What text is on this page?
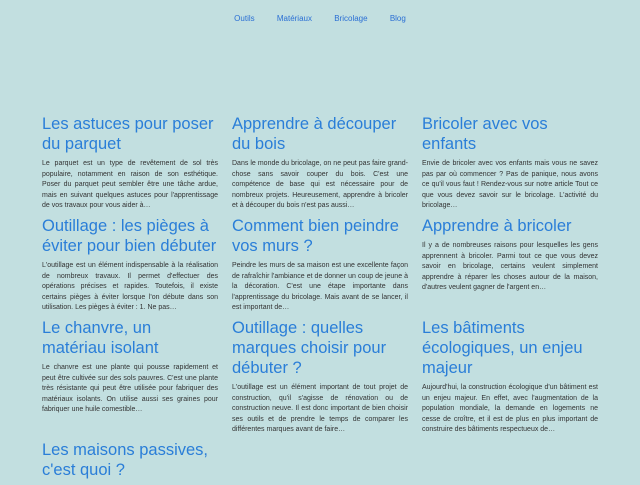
Outils	Matériaux	Bricolage	Blog
Les astuces pour poser du parquet

Le parquet est un type de revêtement de sol très populaire, notamment en raison de son esthétique. Poser du parquet peut sembler être une tâche ardue, mais en suivant quelques astuces pour l'apprentissage de vos travaux pour vous aider à…

Apprendre à découper du bois

Dans le monde du bricolage, on ne peut pas faire grand-chose sans savoir couper du bois. C'est une compétence de base qui est nécessaire pour de nombreux projets. Heureusement, apprendre à bricoler et à découper du bois n'est pas aussi…

Bricoler avec vos enfants

Envie de bricoler avec vos enfants mais vous ne savez pas par où commencer ? Pas de panique, nous avons ce qu'il vous faut ! Rendez-vous sur notre article Tout ce que vous devez savoir sur le bricolage. L'activité du bricolage…

Outillage : les pièges à éviter pour bien débuter

L'outillage est un élément indispensable à la réalisation de nombreux travaux. Il permet d'effectuer des opérations précises et rapides. Toutefois, il existe certains pièges à éviter lorsque l'on débute dans son utilisation. Les pièges à éviter : 1. Ne pas…

Comment bien peindre vos murs ?

Peindre les murs de sa maison est une excellente façon de rafraîchir l'ambiance et de donner un coup de jeune à la décoration. C'est une étape importante dans l'apprentissage du bricolage. Mais avant de se lancer, il est important de…

Apprendre à bricoler

Il y a de nombreuses raisons pour lesquelles les gens apprennent à bricoler. Parmi tout ce que vous devez savoir en bricolage, certains veulent simplement apprendre à réparer les choses autour de la maison, d'autres veulent gagner de l'argent en…

Le chanvre, un matériau isolant

Le chanvre est une plante qui pousse rapidement et peut être cultivée sur des sols pauvres. C'est une plante très résistante qui peut être utilisée pour fabriquer des matériaux isolants. On utilise aussi ses graines pour fabriquer une huile comestible…

Outillage : quelles marques choisir pour débuter ?

L'outillage est un élément important de tout projet de construction, qu'il s'agisse de rénovation ou de construction neuve. Il est donc important de bien choisir ses outils et de prendre le temps de comparer les différentes marques avant de faire…

Les bâtiments écologiques, un enjeu majeur

Aujourd'hui, la construction écologique d'un bâtiment est un enjeu majeur. En effet, avec l'augmentation de la population mondiale, la demande en logements ne cesse de croître, et il est de plus en plus important de construire des bâtiments respectueux de…

Les maisons passives, c'est quoi ?
